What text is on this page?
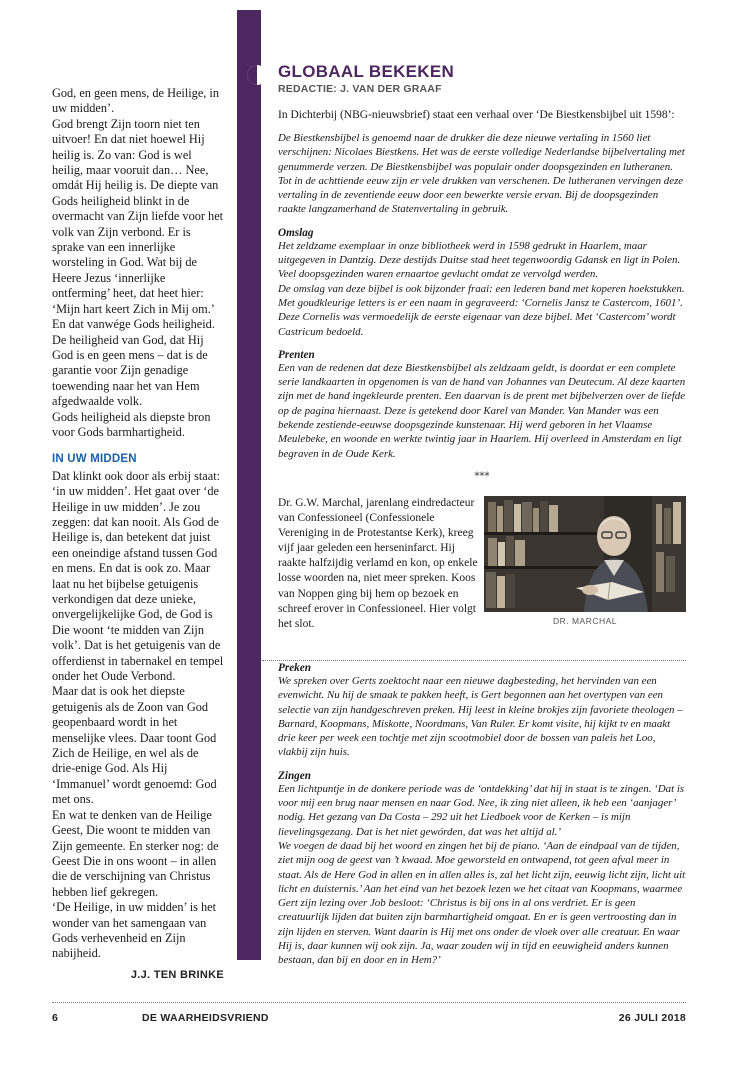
God, en geen mens, de Heilige, in uw midden’.

God brengt Zijn toorn niet ten uitvoer! En dat niet hoewel Hij heilig is. Zo van: God is wel heilig, maar vooruit dan… Nee, omdát Hij heilig is. De diepte van Gods heiligheid blinkt in de overmacht van Zijn liefde voor het volk van Zijn verbond. Er is sprake van een innerlijke worsteling in God. Wat bij de Heere Jezus ‘innerlijke ontferming’ heet, dat heet hier: ‘Mijn hart keert Zich in Mij om.’

En dat vanwége Gods heiligheid. De heiligheid van God, dat Hij God is en geen mens – dat is de garantie voor Zijn genadige toewending naar het van Hem afgedwaalde volk.

Gods heiligheid als diepste bron voor Gods barmhartigheid.

IN UW MIDDEN

Dat klinkt ook door als erbij staat: ‘in uw midden’. Het gaat over ‘de Heilige in uw midden’. Je zou zeggen: dat kan nooit. Als God de Heilige is, dan betekent dat juist een oneindige afstand tussen God en mens. En dat is ook zo. Maar laat nu het bijbelse getuigenis verkondigen dat deze unieke, onvergelijkelijke God, de God is Die woont ‘te midden van Zijn volk’. Dat is het getuigenis van de offerdienst in tabernakel en tempel onder het Oude Verbond.

Maar dat is ook het diepste getuigenis als de Zoon van God geopenbaard wordt in het menselijke vlees. Daar toont God Zich de Heilige, en wel als de drie-enige God. Als Hij ‘Immanuel’ wordt genoemd: God met ons.

En wat te denken van de Heilige Geest, Die woont te midden van Zijn gemeente. En sterker nog: de Geest Die in ons woont – in allen die de verschijning van Christus hebben lief gekregen.

‘De Heilige, in uw midden’ is het wonder van het samengaan van Gods verhevenheid en Zijn nabijheid.

J.J. TEN BRINKE

GLOBAAL BEKEKEN
REDACTIE: J. VAN DER GRAAF

In Dichterbij (NBG-nieuwsbrief) staat een verhaal over ‘De Biestkensbijbel uit 1598’:

De Biestkensbijbel is genoemd naar de drukker die deze nieuwe vertaling in 1560 liet verschijnen: Nicolaes Biestkens. Het was de eerste volledige Nederlandse bijbelvertaling met genummerde verzen. De Biestkensbijbel was populair onder doopsgezinden en lutheranen. Tot in de achttiende eeuw zijn er vele drukken van verschenen. De lutheranen vervingen deze vertaling in de zeventiende eeuw door een bewerkte versie ervan. Bij de doopsgezinden raakte langzamerhand de Statenvertaling in gebruik.

Omslag

Het zeldzame exemplaar in onze bibliotheek werd in 1598 gedrukt in Haarlem, maar uitgegeven in Dantzig. Deze destijds Duitse stad heet tegenwoordig Gdansk en ligt in Polen. Veel doopsgezinden waren ernaartoe gevlucht omdat ze vervolgd werden.

De omslag van deze bijbel is ook bijzonder fraai: een lederen band met koperen hoekstukken. Met goudkleurige letters is er een naam in gegraveerd: ‘Cornelis Jansz te Castercom, 1601’. Deze Cornelis was vermoedelijk de eerste eigenaar van deze bijbel. Met ‘Castercom’ wordt Castricum bedoeld.

Prenten

Een van de redenen dat deze Biestkensbijbel als zeldzaam geldt, is doordat er een complete serie landkaarten in opgenomen is van de hand van Johannes van Deutecum. Al deze kaarten zijn met de hand ingekleurde prenten. Een daarvan is de prent met bijbelverzen over de liefde op de pagina hiernaast. Deze is getekend door Karel van Mander. Van Mander was een bekende zestiende-eeuwse doopsgezinde kunstenaar. Hij werd geboren in het Vlaamse Meulebeke, en woonde en werkte twintig jaar in Haarlem. Hij overleed in Amsterdam en ligt begraven in de Oude Kerk.

***

Dr. G.W. Marchal, jarenlang eindredacteur van Confessioneel (Confessionele Vereniging in de Protestantse Kerk), kreeg vijf jaar geleden een herseninfarct. Hij raakte halfzijdig verlamd en kon, op enkele losse woorden na, niet meer spreken. Koos van Noppen ging bij hem op bezoek en schreef erover in Confessioneel. Hier volgt het slot.	DR. MARCHAL

Preken

We spreken over Gerts zoektocht naar een nieuwe dagbesteding, het hervinden van een evenwicht. Nu hij de smaak te pakken heeft, is Gert begonnen aan het overtypen van een selectie van zijn handgeschreven preken. Hij leest in kleine brokjes zijn favoriete theologen – Barnard, Koopmans, Miskotte, Noordmans, Van Ruler. Er komt visite, hij kijkt tv en maakt drie keer per week een tochtje met zijn scootmobiel door de bossen van paleis het Loo, vlakbij zijn huis.

Zingen

Een lichtpuntje in de donkere periode was de ‘ontdekking’ dat hij in staat is te zingen. ‘Dat is voor mij een brug naar mensen en naar God. Nee, ik zing niet alleen, ik heb een ‘aanjager’ nodig. Het gezang van Da Costa – 292 uit het Liedboek voor de Kerken – is mijn lievelingsgezang. Dat is het niet gewórden, dat was het altijd al.’

We voegen de daad bij het woord en zingen het bij de piano. ‘Aan de eindpaal van de tijden, ziet mijn oog de geest van ’t kwaad. Moe geworsteld en ontwapend, tot geen afval meer in staat. Als de Here God in allen en in allen alles is, zal het licht zijn, eeuwig licht zijn, licht uit licht en duisternis.’ Aan het eind van het bezoek lezen we het citaat van Koopmans, waarmee Gert zijn lezing over Job besloot: ‘Christus is bij ons in al ons verdriet. Er is geen creatuurlijk lijden dat buiten zijn barmhartigheid omgaat. En er is geen vertroosting dan in zijn lijden en sterven. Want daarin is Hij met ons onder de vloek over alle creatuur. En waar Hij is, daar kunnen wij ook zijn. Ja, waar zouden wij in tijd en eeuwigheid anders kunnen bestaan, dan bij en door en in Hem?’

6	DE WAARHEIDSVRIEND	26 JULI 2018
